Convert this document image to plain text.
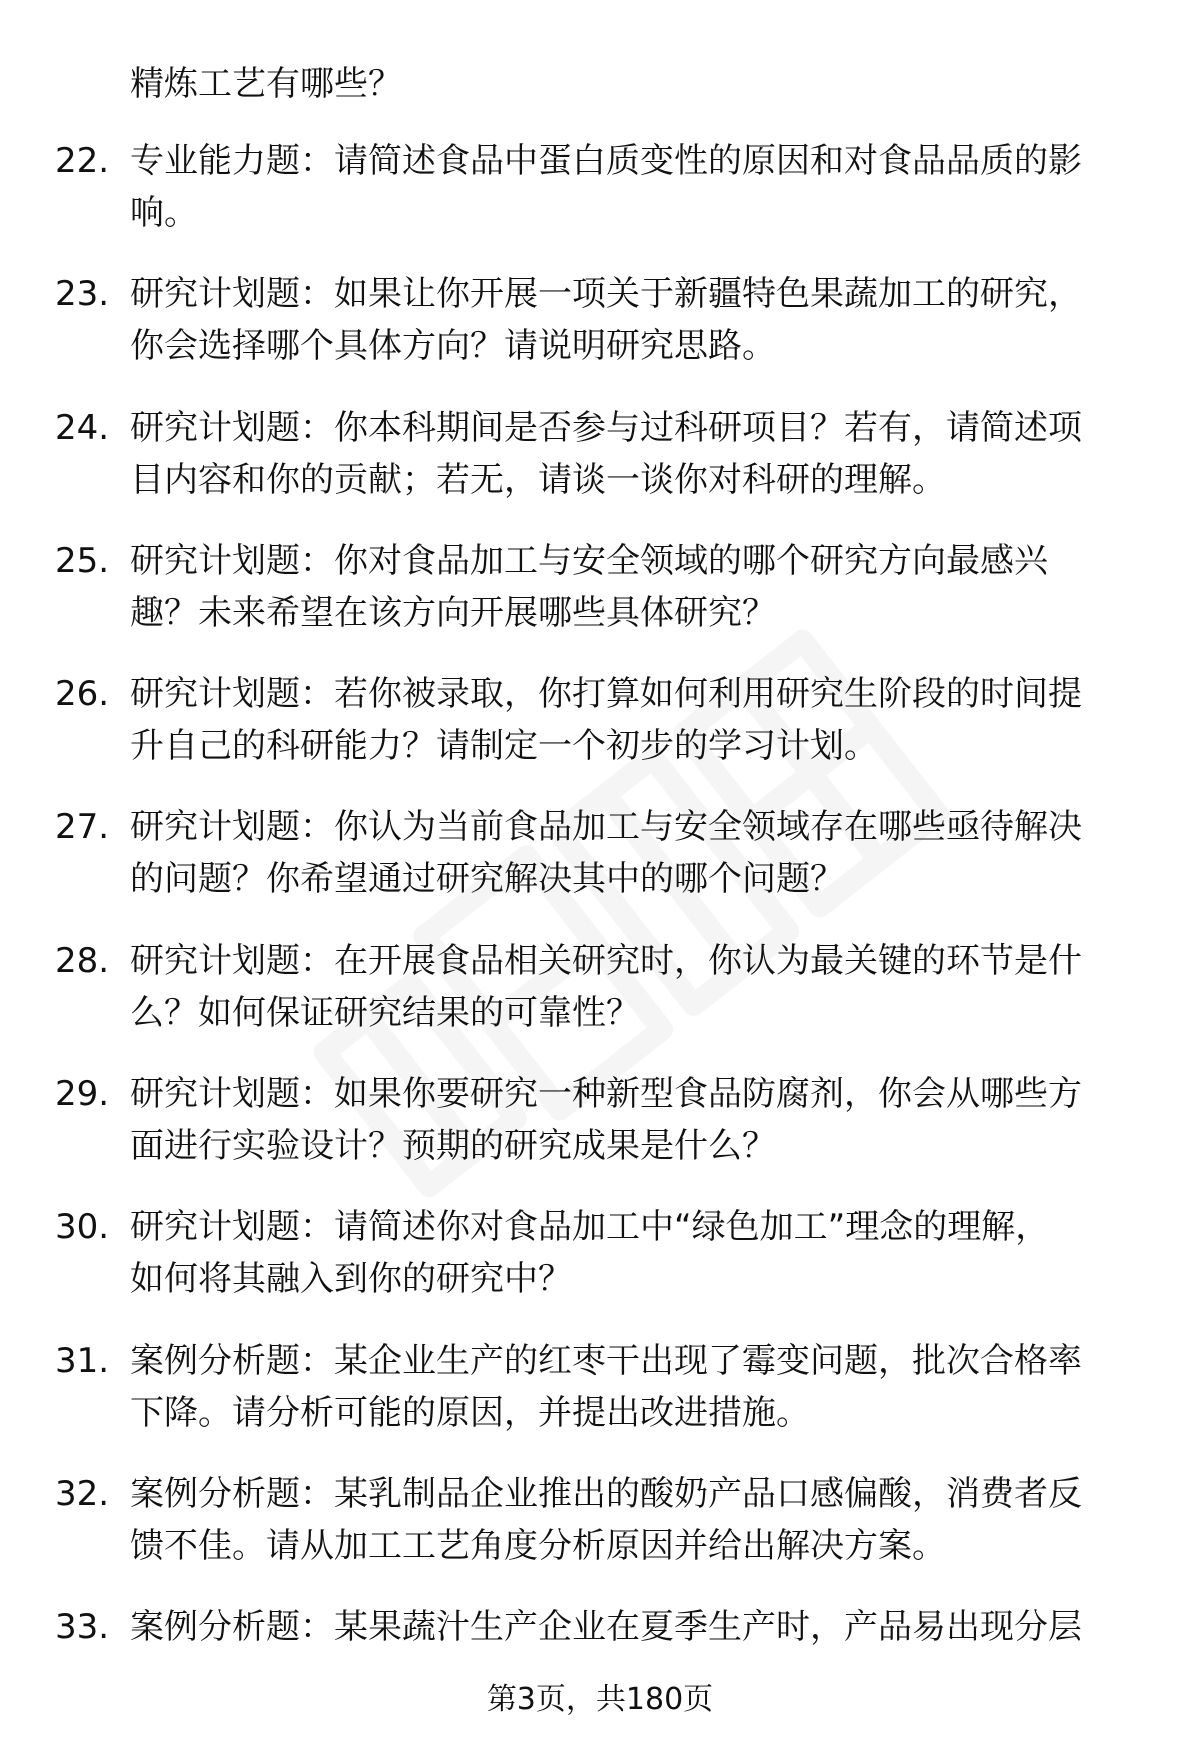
精炼工艺有哪些？
22. 专业能力题：请简述食品中蛋白质变性的原因和对食品品质的影
响。
23. 研究计划题：如果让你开展一项关于新疆特色果蔬加工的研究，
你会选择哪个具体方向？请说明研究思路。
24. 研究计划题：你本科期间是否参与过科研项目？若有，请简述项
目内容和你的贡献；若无，请谈一谈你对科研的理解。
25. 研究计划题：你对食品加工与安全领域的哪个研究方向最感兴
趣？未来希望在该方向开展哪些具体研究？
26. 研究计划题：若你被录取，你打算如何利用研究生阶段的时间提
升自己的科研能力？请制定一个初步的学习计划。
27. 研究计划题：你认为当前食品加工与安全领域存在哪些亟待解决
的问题？你希望通过研究解决其中的哪个问题？
28. 研究计划题：在开展食品相关研究时，你认为最关键的环节是什
么？如何保证研究结果的可靠性？
29. 研究计划题：如果你要研究一种新型食品防腐剂，你会从哪些方
面进行实验设计？预期的研究成果是什么？
30. 研究计划题：请简述你对食品加工中“绿色加工”理念的理解，
如何将其融入到你的研究中？
31. 案例分析题：某企业生产的红枣干出现了霉变问题，批次合格率
下降。请分析可能的原因，并提出改进措施。
32. 案例分析题：某乳制品企业推出的酸奶产品口感偏酸，消费者反
馈不佳。请从加工工艺角度分析原因并给出解决方案。
33. 案例分析题：某果蔬汁生产企业在夏季生产时，产品易出现分层
第3页，共180页
